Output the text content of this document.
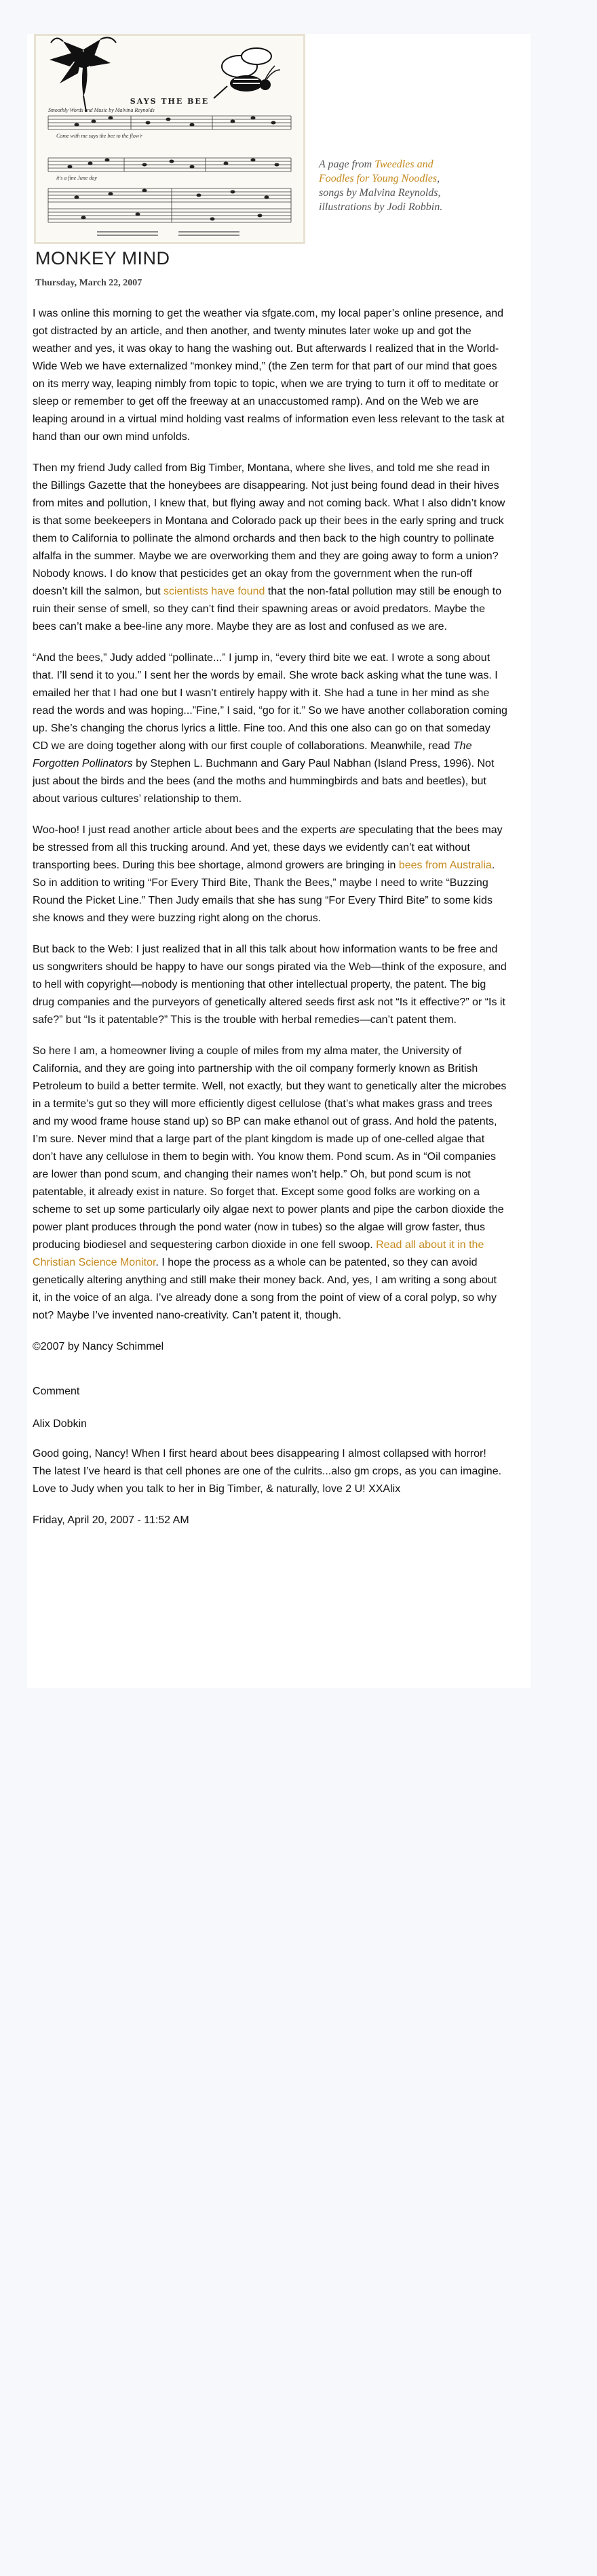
Smoothly Words and Music by Malvina Reynolds
Come with me says the bee to the flow'r
it's a fine June day
SAYS THE BEE
A page from Tweedles and Foodles for Young Noodles, songs by Malvina Reynolds, illustrations by Jodi Robbin.
MONKEY MIND
Thursday, March 22, 2007

I was online this morning to get the weather via sfgate.com, my local paper’s online presence, and got distracted by an article, and then another, and twenty minutes later woke up and got the weather and yes, it was okay to hang the washing out. But afterwards I realized that in the World-Wide Web we have externalized “monkey mind,” (the Zen term for that part of our mind that goes on its merry way, leaping nimbly from topic to topic, when we are trying to turn it off to meditate or sleep or remember to get off the freeway at an unaccustomed ramp). And on the Web we are leaping around in a virtual mind holding vast realms of information even less relevant to the task at hand than our own mind unfolds.

Then my friend Judy called from Big Timber, Montana, where she lives, and told me she read in the Billings Gazette that the honeybees are disappearing. Not just being found dead in their hives from mites and pollution, I knew that, but flying away and not coming back. What I also didn’t know is that some beekeepers in Montana and Colorado pack up their bees in the early spring and truck them to California to pollinate the almond orchards and then back to the high country to pollinate alfalfa in the summer. Maybe we are overworking them and they are going away to form a union? Nobody knows. I do know that pesticides get an okay from the government when the run-off doesn’t kill the salmon, but scientists have found that the non-fatal pollution may still be enough to ruin their sense of smell, so they can’t find their spawning areas or avoid predators. Maybe the bees can’t make a bee-line any more. Maybe they are as lost and confused as we are.

“And the bees,” Judy added “pollinate...” I jump in, “every third bite we eat. I wrote a song about that. I’ll send it to you.” I sent her the words by email. She wrote back asking what the tune was. I emailed her that I had one but I wasn’t entirely happy with it. She had a tune in her mind as she read the words and was hoping...”Fine,” I said, “go for it.” So we have another collaboration coming up. She’s changing the chorus lyrics a little. Fine too. And this one also can go on that someday CD we are doing together along with our first couple of collaborations. Meanwhile, read The Forgotten Pollinators by Stephen L. Buchmann and Gary Paul Nabhan (Island Press, 1996). Not just about the birds and the bees (and the moths and hummingbirds and bats and beetles), but about various cultures’ relationship to them.

Woo-hoo! I just read another article about bees and the experts are speculating that the bees may be stressed from all this trucking around. And yet, these days we evidently can’t eat without transporting bees. During this bee shortage, almond growers are bringing in bees from Australia. So in addition to writing “For Every Third Bite, Thank the Bees,” maybe I need to write “Buzzing Round the Picket Line.” Then Judy emails that she has sung “For Every Third Bite” to some kids she knows and they were buzzing right along on the chorus.

But back to the Web: I just realized that in all this talk about how information wants to be free and us songwriters should be happy to have our songs pirated via the Web—think of the exposure, and to hell with copyright—nobody is mentioning that other intellectual property, the patent. The big drug companies and the purveyors of genetically altered seeds first ask not “Is it effective?” or “Is it safe?” but “Is it patentable?” This is the trouble with herbal remedies—can’t patent them.

So here I am, a homeowner living a couple of miles from my alma mater, the University of California, and they are going into partnership with the oil company formerly known as British Petroleum to build a better termite. Well, not exactly, but they want to genetically alter the microbes in a termite’s gut so they will more efficiently digest cellulose (that’s what makes grass and trees and my wood frame house stand up) so BP can make ethanol out of grass. And hold the patents, I’m sure. Never mind that a large part of the plant kingdom is made up of one-celled algae that don’t have any cellulose in them to begin with. You know them. Pond scum. As in “Oil companies are lower than pond scum, and changing their names won’t help.” Oh, but pond scum is not patentable, it already exist in nature. So forget that. Except some good folks are working on a scheme to set up some particularly oily algae next to power plants and pipe the carbon dioxide the power plant produces through the pond water (now in tubes) so the algae will grow faster, thus producing biodiesel and sequestering carbon dioxide in one fell swoop. Read all about it in the Christian Science Monitor. I hope the process as a whole can be patented, so they can avoid genetically altering anything and still make their money back. And, yes, I am writing a song about it, in the voice of an alga. I’ve already done a song from the point of view of a coral polyp, so why not? Maybe I’ve invented nano-creativity. Can’t patent it, though.

©2007 by Nancy Schimmel

Comment

Alix Dobkin

Good going, Nancy! When I first heard about bees disappearing I almost collapsed with horror! The latest I’ve heard is that cell phones are one of the culrits...also gm crops, as you can imagine. Love to Judy when you talk to her in Big Timber, & naturally, love 2 U! XXAlix

Friday, April 20, 2007 - 11:52 AM
